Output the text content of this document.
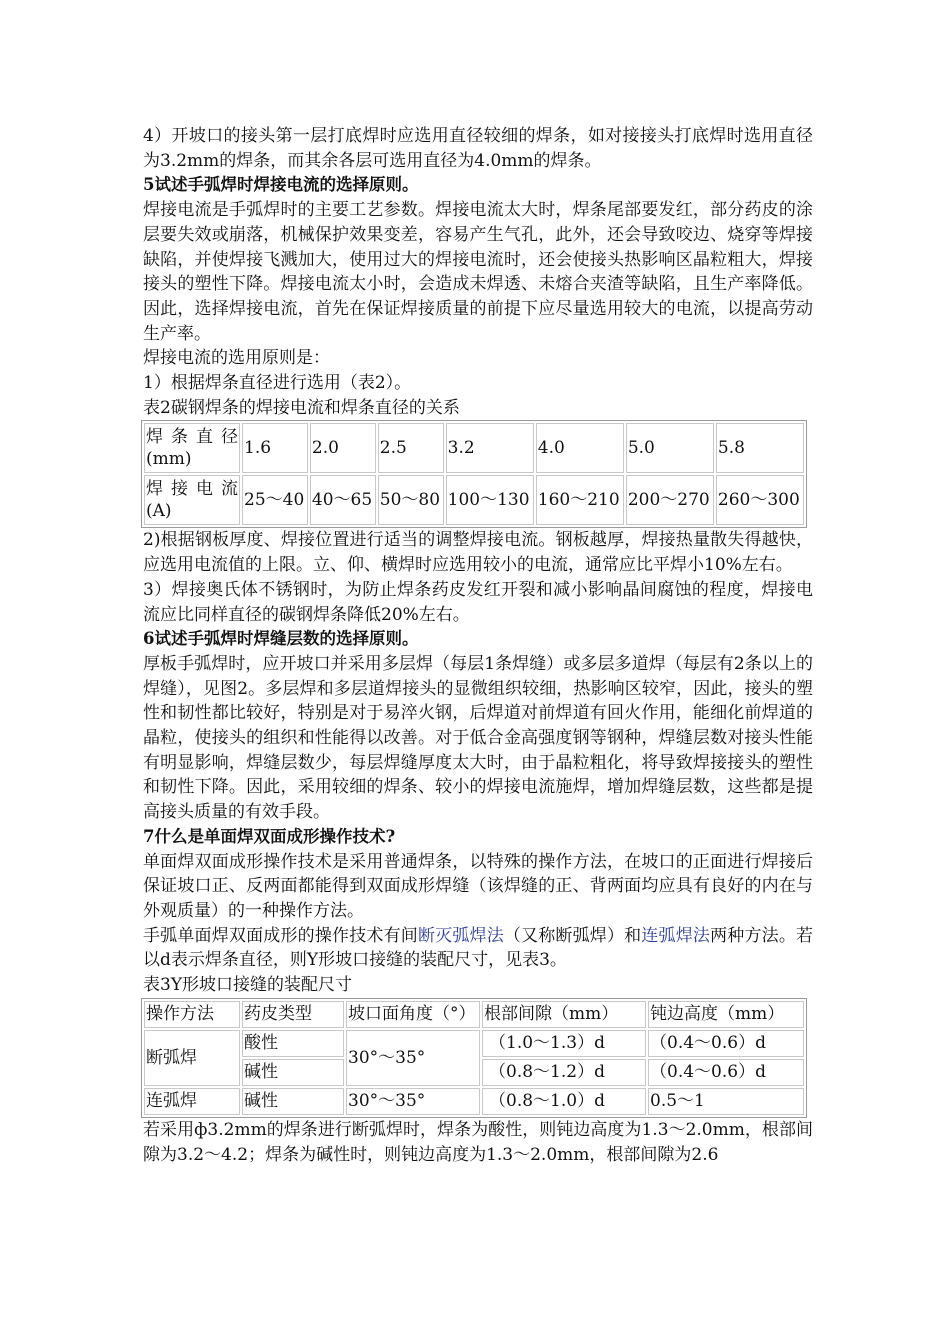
4）开坡口的接头第一层打底焊时应选用直径较细的焊条，如对接接头打底焊时选用直径为3.2mm的焊条，而其余各层可选用直径为4.0mm的焊条。

5试述手弧焊时焊接电流的选择原则。

焊接电流是手弧焊时的主要工艺参数。焊接电流太大时，焊条尾部要发红，部分药皮的涂层要失效或崩落，机械保护效果变差，容易产生气孔，此外，还会导致咬边、烧穿等焊接缺陷，并使焊接飞溅加大，使用过大的焊接电流时，还会使接头热影响区晶粒粗大，焊接接头的塑性下降。焊接电流太小时，会造成未焊透、未熔合夹渣等缺陷，且生产率降低。因此，选择焊接电流，首先在保证焊接质量的前提下应尽量选用较大的电流，以提高劳动生产率。

焊接电流的选用原则是：

1）根据焊条直径进行选用（表2）。

表2碳钢焊条的焊接电流和焊条直径的关系

焊条直径(mm)	1.6	2.0	2.5	3.2	4.0	5.0	5.8
焊接电流(A)	25～40	40～65	50～80	100～130	160～210	200～270	260～300

2)根据钢板厚度、焊接位置进行适当的调整焊接电流。钢板越厚，焊接热量散失得越快，应选用电流值的上限。立、仰、横焊时应选用较小的电流，通常应比平焊小10%左右。

3）焊接奥氏体不锈钢时，为防止焊条药皮发红开裂和减小影响晶间腐蚀的程度，焊接电流应比同样直径的碳钢焊条降低20%左右。

6试述手弧焊时焊缝层数的选择原则。

厚板手弧焊时，应开坡口并采用多层焊（每层1条焊缝）或多层多道焊（每层有2条以上的焊缝），见图2。多层焊和多层道焊接头的显微组织较细，热影响区较窄，因此，接头的塑性和韧性都比较好，特别是对于易淬火钢，后焊道对前焊道有回火作用，能细化前焊道的晶粒，使接头的组织和性能得以改善。对于低合金高强度钢等钢种，焊缝层数对接头性能有明显影响，焊缝层数少，每层焊缝厚度太大时，由于晶粒粗化，将导致焊接接头的塑性和韧性下降。因此，采用较细的焊条、较小的焊接电流施焊，增加焊缝层数，这些都是提高接头质量的有效手段。

7什么是单面焊双面成形操作技术?

单面焊双面成形操作技术是采用普通焊条，以特殊的操作方法，在坡口的正面进行焊接后保证坡口正、反两面都能得到双面成形焊缝（该焊缝的正、背两面均应具有良好的内在与外观质量）的一种操作方法。

手弧单面焊双面成形的操作技术有间断灭弧焊法（又称断弧焊）和连弧焊法两种方法。若以d表示焊条直径，则Y形坡口接缝的装配尺寸，见表3。

表3Y形坡口接缝的装配尺寸

操作方法	药皮类型	坡口面角度（°）	根部间隙（mm）	钝边高度（mm）
断弧焊	酸性	30°～35°	（1.0～1.3）d	（0.4～0.6）d
	碱性		（0.8～1.2）d	（0.4～0.6）d
连弧焊	碱性	30°～35°	（0.8～1.0）d	0.5～1

若采用ф3.2mm的焊条进行断弧焊时，焊条为酸性，则钝边高度为1.3～2.0mm，根部间隙为3.2～4.2；焊条为碱性时，则钝边高度为1.3～2.0mm，根部间隙为2.6
